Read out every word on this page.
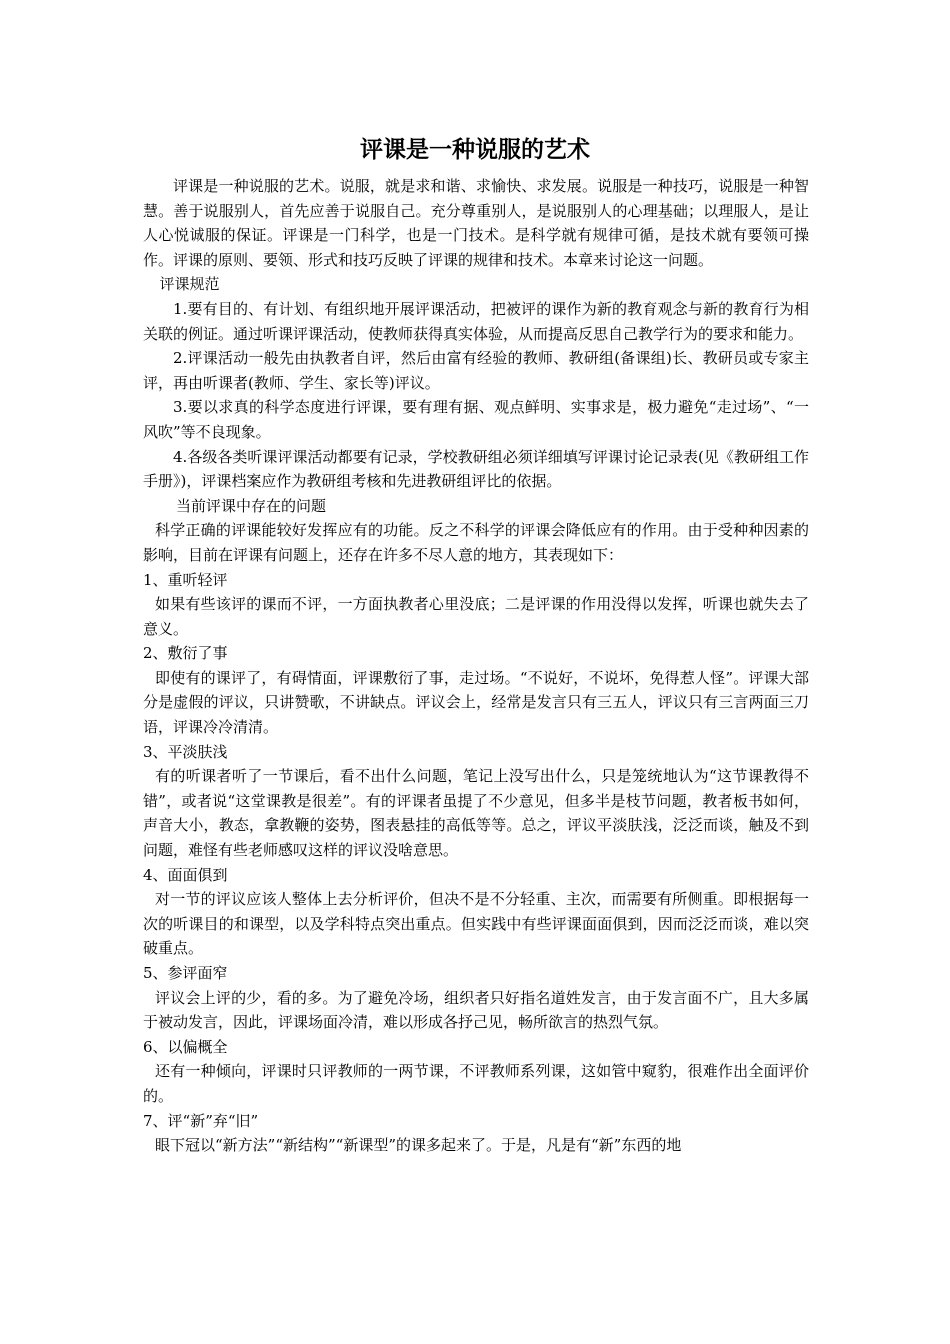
评课是一种说服的艺术

评课是一种说服的艺术。说服，就是求和谐、求愉快、求发展。说服是一种技巧，说服是一种智慧。善于说服别人，首先应善于说服自己。充分尊重别人，是说服别人的心理基础；以理服人，是让人心悦诚服的保证。评课是一门科学，也是一门技术。是科学就有规律可循，是技术就有要领可操作。评课的原则、要领、形式和技巧反映了评课的规律和技术。本章来讨论这一问题。

评课规范

1.要有目的、有计划、有组织地开展评课活动，把被评的课作为新的教育观念与新的教育行为相关联的例证。通过听课评课活动，使教师获得真实体验，从而提高反思自己教学行为的要求和能力。

2.评课活动一般先由执教者自评，然后由富有经验的教师、教研组(备课组)长、教研员或专家主评，再由听课者(教师、学生、家长等)评议。

3.要以求真的科学态度进行评课，要有理有据、观点鲜明、实事求是，极力避免“走过场”、“一风吹”等不良现象。

4.各级各类听课评课活动都要有记录，学校教研组必须详细填写评课讨论记录表(见《教研组工作手册》)，评课档案应作为教研组考核和先进教研组评比的依据。

当前评课中存在的问题

科学正确的评课能较好发挥应有的功能。反之不科学的评课会降低应有的作用。由于受种种因素的影响，目前在评课有问题上，还存在许多不尽人意的地方，其表现如下：

1、重听轻评

如果有些该评的课而不评，一方面执教者心里没底；二是评课的作用没得以发挥，听课也就失去了意义。

2、敷衍了事

即使有的课评了，有碍情面，评课敷衍了事，走过场。“不说好，不说坏，免得惹人怪”。评课大部分是虚假的评议，只讲赞歌，不讲缺点。评议会上，经常是发言只有三五人，评议只有三言两面三刀语，评课冷冷清清。

3、平淡肤浅

有的听课者听了一节课后，看不出什么问题，笔记上没写出什么，只是笼统地认为“这节课教得不错”，或者说“这堂课教是很差”。有的评课者虽提了不少意见，但多半是枝节问题，教者板书如何，声音大小，教态，拿教鞭的姿势，图表悬挂的高低等等。总之，评议平淡肤浅，泛泛而谈，触及不到问题，难怪有些老师感叹这样的评议没啥意思。

4、面面俱到

对一节的评议应该人整体上去分析评价，但决不是不分轻重、主次，而需要有所侧重。即根据每一次的听课目的和课型，以及学科特点突出重点。但实践中有些评课面面俱到，因而泛泛而谈，难以突破重点。

5、参评面窄

评议会上评的少，看的多。为了避免冷场，组织者只好指名道姓发言，由于发言面不广，且大多属于被动发言，因此，评课场面冷清，难以形成各抒己见，畅所欲言的热烈气氛。

6、以偏概全

还有一种倾向，评课时只评教师的一两节课，不评教师系列课，这如管中窥豹，很难作出全面评价的。

7、评“新”弃“旧”

眼下冠以“新方法”“新结构”“新课型”的课多起来了。于是，凡是有“新”东西的地
